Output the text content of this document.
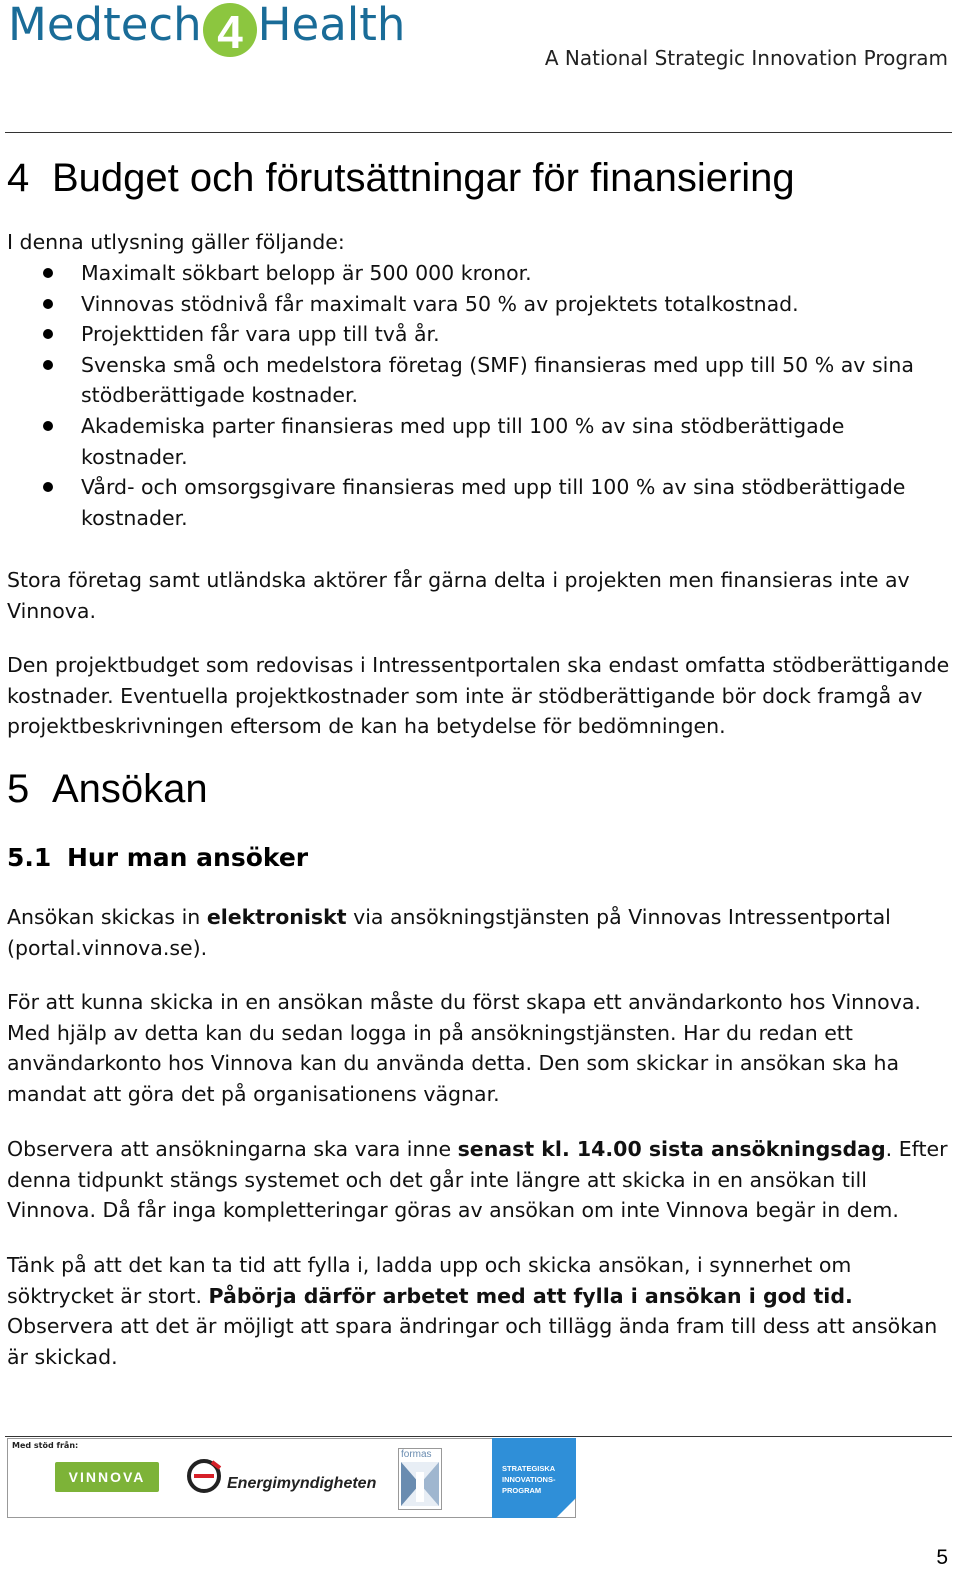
Medtech 4 Health
A National Strategic Innovation Program
4 Budget och förutsättningar för finansiering
I denna utlysning gäller följande:
Maximalt sökbart belopp är 500 000 kronor.
Vinnovas stödnivå får maximalt vara 50 % av projektets totalkostnad.
Projekttiden får vara upp till två år.
Svenska små och medelstora företag (SMF) finansieras med upp till 50 % av sina stödberättigade kostnader.
Akademiska parter finansieras med upp till 100 % av sina stödberättigade kostnader.
Vård- och omsorgsgivare finansieras med upp till 100 % av sina stödberättigade kostnader.
Stora företag samt utländska aktörer får gärna delta i projekten men finansieras inte av Vinnova.
Den projektbudget som redovisas i Intressentportalen ska endast omfatta stödberättigande kostnader. Eventuella projektkostnader som inte är stödberättigande bör dock framgå av projektbeskrivningen eftersom de kan ha betydelse för bedömningen.
5 Ansökan
5.1 Hur man ansöker
Ansökan skickas in elektroniskt via ansökningstjänsten på Vinnovas Intressentportal (portal.vinnova.se).
För att kunna skicka in en ansökan måste du först skapa ett användarkonto hos Vinnova. Med hjälp av detta kan du sedan logga in på ansökningstjänsten. Har du redan ett användarkonto hos Vinnova kan du använda detta. Den som skickar in ansökan ska ha mandat att göra det på organisationens vägnar.
Observera att ansökningarna ska vara inne senast kl. 14.00 sista ansökningsdag. Efter denna tidpunkt stängs systemet och det går inte längre att skicka in en ansökan till Vinnova. Då får inga kompletteringar göras av ansökan om inte Vinnova begär in dem.
Tänk på att det kan ta tid att fylla i, ladda upp och skicka ansökan, i synnerhet om söktrycket är stort. Påbörja därför arbetet med att fylla i ansökan i god tid. Observera att det är möjligt att spara ändringar och tillägg ända fram till dess att ansökan är skickad.
Med stöd från:
VINNOVA	Energimyndigheten
formas
STRATEGISKA INNOVATIONS-PROGRAM
5
